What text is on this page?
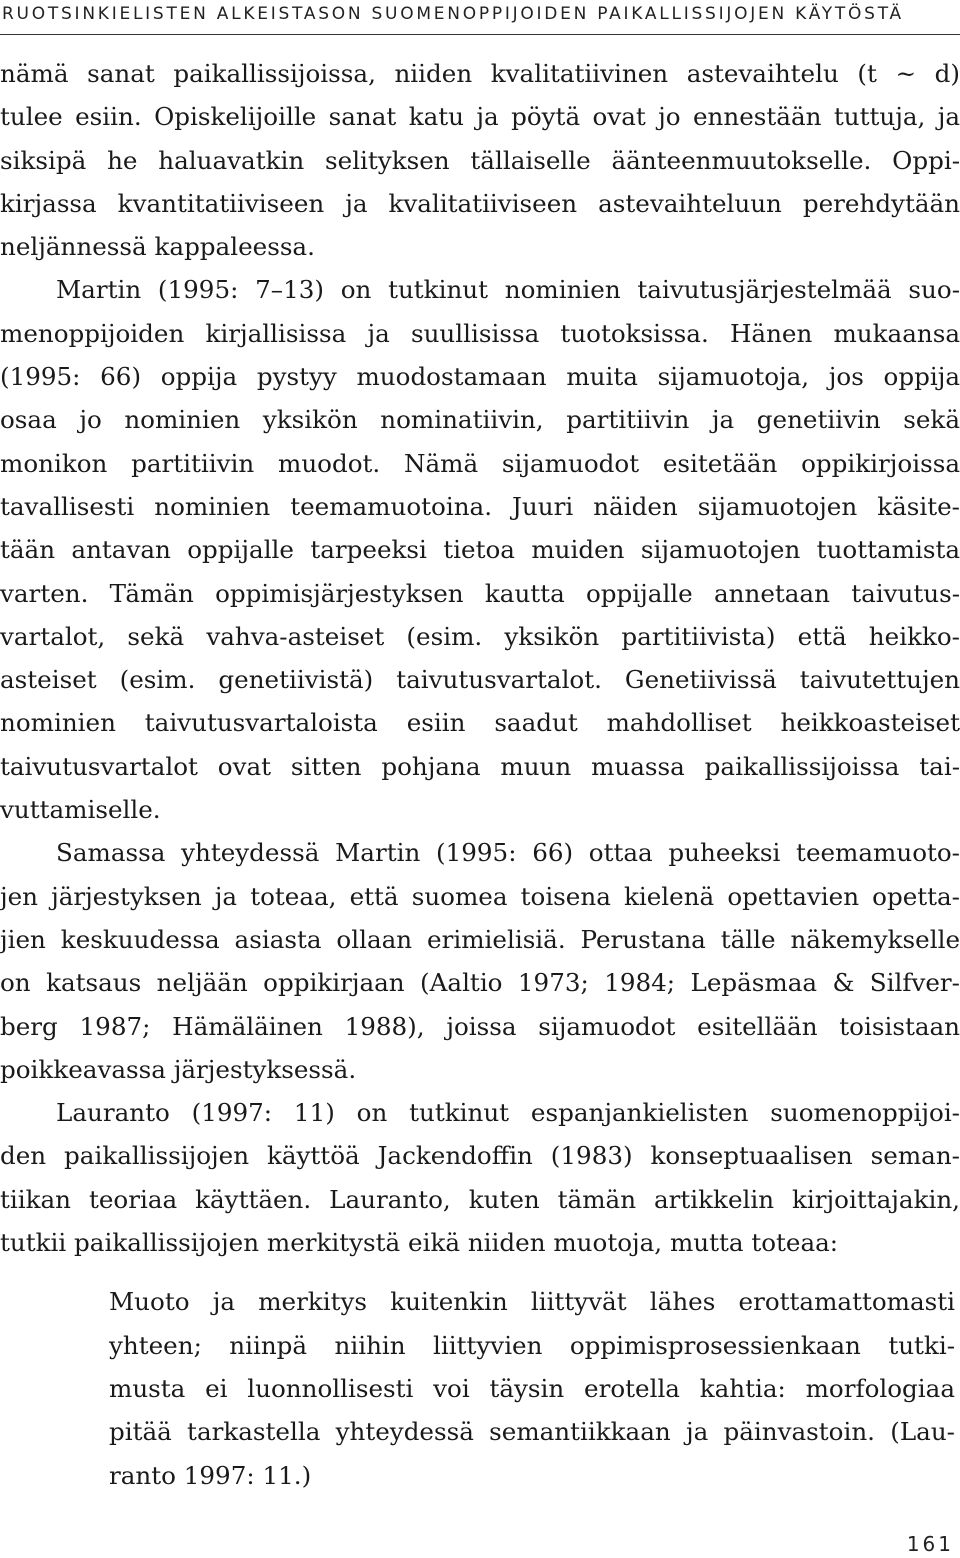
RUOTSINKIELISTEN ALKEISTASON SUOMENOPPIJOIDEN PAIKALLISSIJOJEN KÄYTÖSTÄ
nämä sanat paikallissijoissa, niiden kvalitatiivinen astevaihtelu (t ~ d)
tulee esiin. Opiskelijoille sanat katu ja pöytä ovat jo ennestään tuttuja, ja
siksipä he haluavatkin selityksen tällaiselle äänteenmuutokselle. Oppi-
kirjassa kvantitatiiviseen ja kvalitatiiviseen astevaihteluun perehdytään
neljännessä kappaleessa.
Martin (1995: 7–13) on tutkinut nominien taivutusjärjestelmää suo-
menoppijoiden kirjallisissa ja suullisissa tuotoksissa. Hänen mukaansa
(1995: 66) oppija pystyy muodostamaan muita sijamuotoja, jos oppija
osaa jo nominien yksikön nominatiivin, partitiivin ja genetiivin sekä
monikon partitiivin muodot. Nämä sijamuodot esitetään oppikirjoissa
tavallisesti nominien teemamuotoina. Juuri näiden sijamuotojen käsite-
tään antavan oppijalle tarpeeksi tietoa muiden sijamuotojen tuottamista
varten. Tämän oppimisjärjestyksen kautta oppijalle annetaan taivutus-
vartalot, sekä vahva-asteiset (esim. yksikön partitiivista) että heikko-
asteiset (esim. genetiivistä) taivutusvartalot. Genetiivissä taivutettujen
nominien taivutusvartaloista esiin saadut mahdolliset heikkoasteiset
taivutusvartalot ovat sitten pohjana muun muassa paikallissijoissa tai-
vuttamiselle.
Samassa yhteydessä Martin (1995: 66) ottaa puheeksi teemamuoto-
jen järjestyksen ja toteaa, että suomea toisena kielenä opettavien opetta-
jien keskuudessa asiasta ollaan erimielisiä. Perustana tälle näkemykselle
on katsaus neljään oppikirjaan (Aaltio 1973; 1984; Lepäsmaa & Silfver-
berg 1987; Hämäläinen 1988), joissa sijamuodot esitellään toisistaan
poikkeavassa järjestyksessä.
Lauranto (1997: 11) on tutkinut espanjankielisten suomenoppijoi-
den paikallissijojen käyttöä Jackendoffin (1983) konseptuaalisen seman-
tiikan teoriaa käyttäen. Lauranto, kuten tämän artikkelin kirjoittajakin,
tutkii paikallissijojen merkitystä eikä niiden muotoja, mutta toteaa:
Muoto ja merkitys kuitenkin liittyvät lähes erottamattomasti
yhteen; niinpä niihin liittyvien oppimisprosessienkaan tutki-
musta ei luonnollisesti voi täysin erotella kahtia: morfologiaa
pitää tarkastella yhteydessä semantiikkaan ja päinvastoin. (Lau-
ranto 1997: 11.)
161
